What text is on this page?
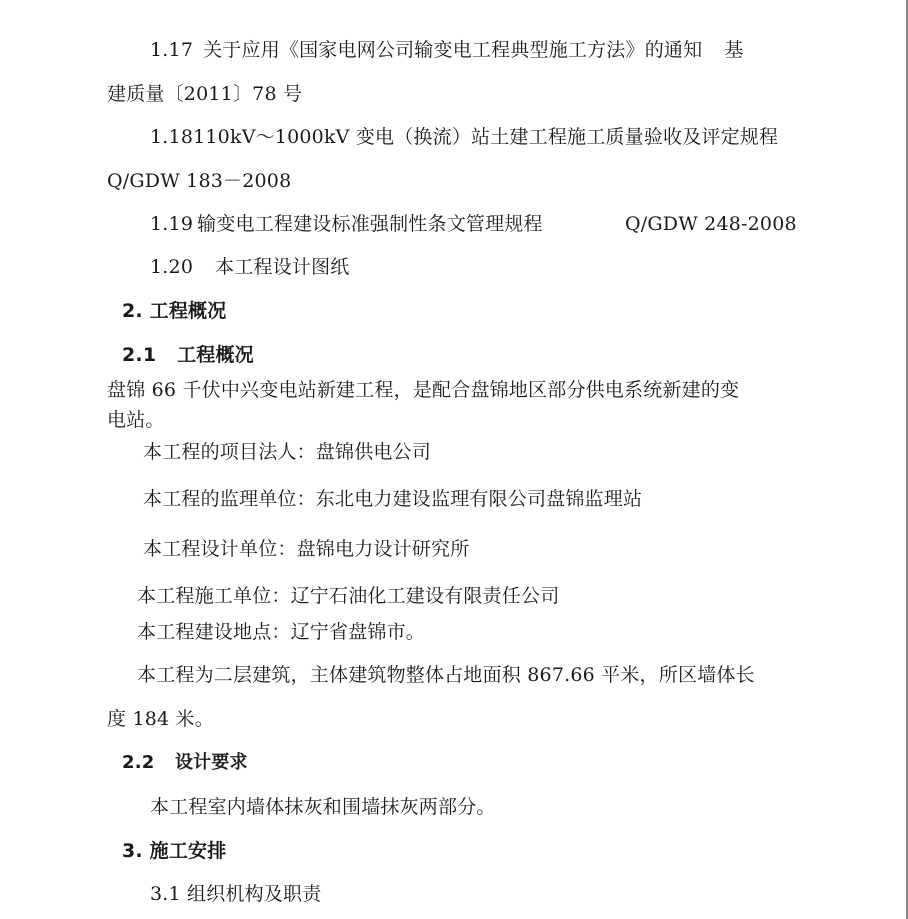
1.17 关于应用《国家电网公司输变电工程典型施工方法》的通知 基
建质量〔2011〕78 号
1.18110kV～1000kV 变电（换流）站土建工程施工质量验收及评定规程
Q/GDW 183－2008
1.19 输变电工程建设标准强制性条文管理规程	Q/GDW 248-2008
1.20 本工程设计图纸
2. 工程概况
2.1 工程概况
盘锦 66 千伏中兴变电站新建工程，是配合盘锦地区部分供电系统新建的变
电站。
本工程的项目法人：盘锦供电公司
本工程的监理单位：东北电力建设监理有限公司盘锦监理站
本工程设计单位：盘锦电力设计研究所
本工程施工单位：辽宁石油化工建设有限责任公司
本工程建设地点：辽宁省盘锦市。
本工程为二层建筑，主体建筑物整体占地面积 867.66 平米，所区墙体长
度 184 米。
2.2 设计要求
本工程室内墙体抹灰和围墙抹灰两部分。
3. 施工安排
3.1 组织机构及职责
